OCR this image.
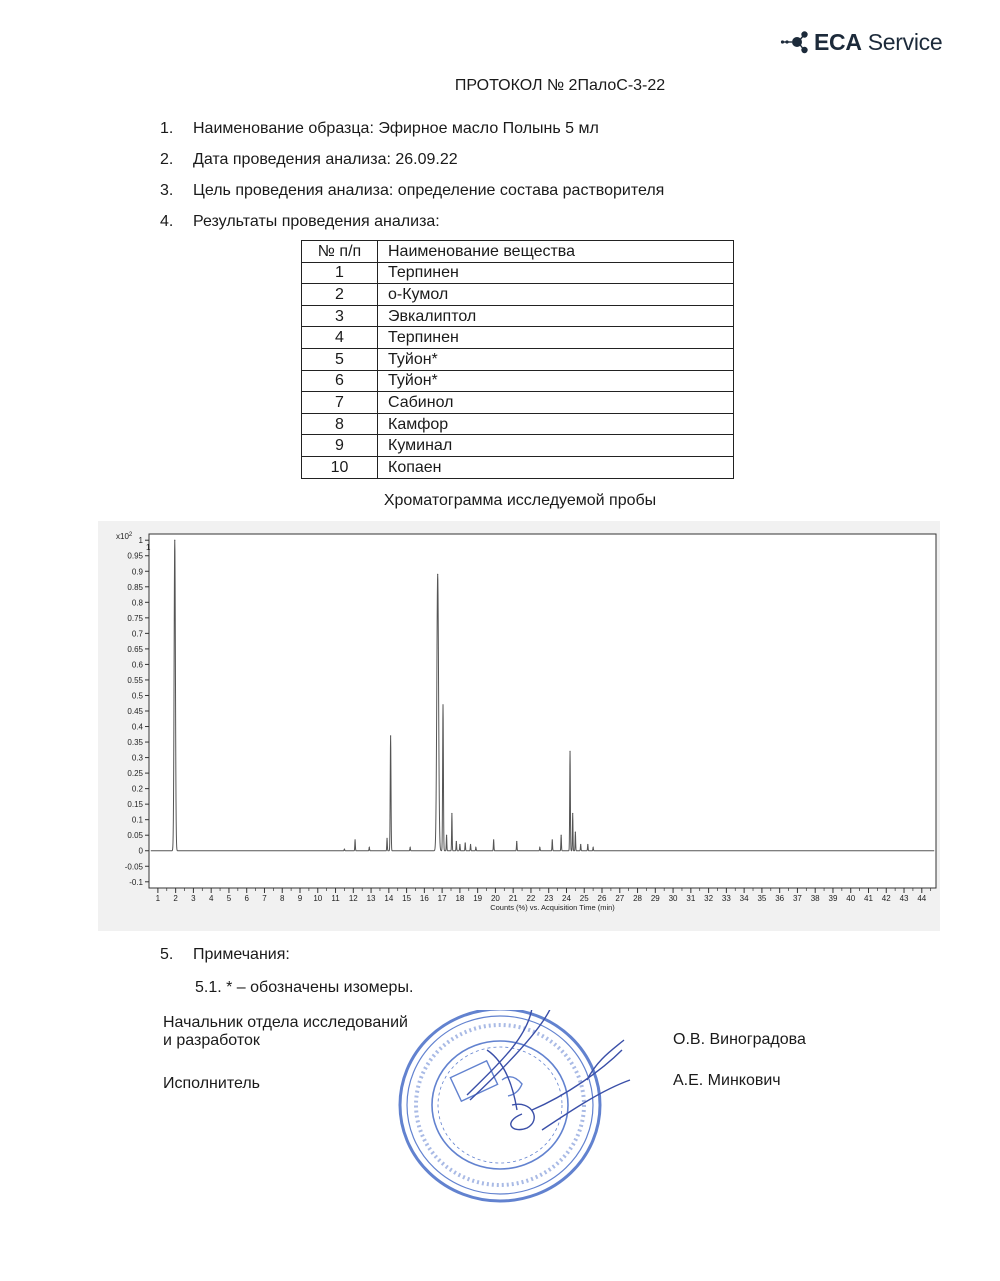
ECA Service
ПРОТОКОЛ № 2ПалоС-3-22
1. Наименование образца: Эфирное масло Полынь 5 мл
2. Дата проведения анализа: 26.09.22
3. Цель проведения анализа: определение состава растворителя
4. Результаты проведения анализа:
№ п/п	Наименование вещества
1	Терпинен
2	о-Кумол
3	Эвкалиптол
4	Терпинен
5	Туйон*
6	Туйон*
7	Сабинол
8	Камфор
9	Куминал
10	Копаен
Хроматограмма исследуемой пробы
$x10^2$
1
1
0.95
0.9
0.85
0.8
0.75
0.7
0.65
0.6
0.55
0.5
0.45
0.4
0.35
0.3
0.25
0.2
0.15
0.1
0.05
0
-0.05
-0.1
1 2 3 4 5 6 7 8 9 10 11 12 13 14 15 16 17 18 19 20 21 22 23 24 25 26 27 28 29 30 31 32 33 34 35 36 37 38 39 40 41 42 43 44
Counts (%) vs. Acquisition Time (min)
5. Примечания:
5.1. * – обозначены изомеры.
Начальник отдела исследований
и разработок	О.В. Виноградова
Исполнитель	А.Е. Минкович
